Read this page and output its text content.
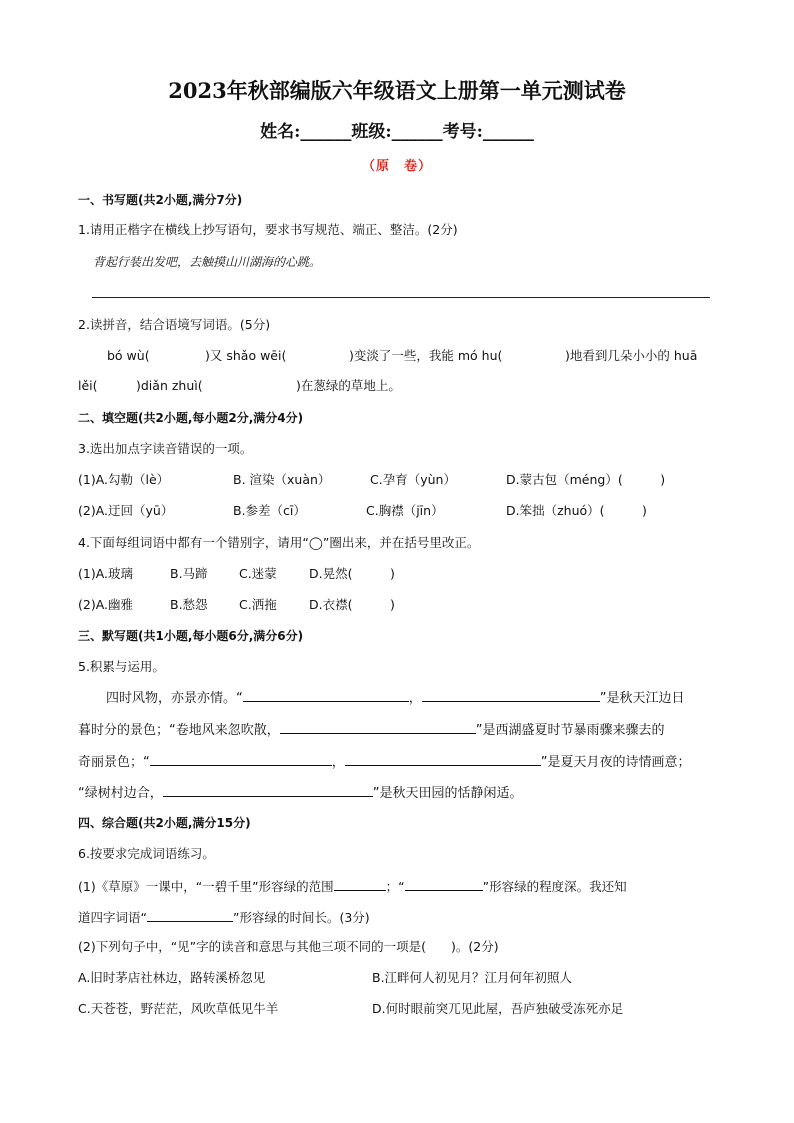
2023年秋部编版六年级语文上册第一单元测试卷
姓名:______班级:______考号:______
（原　卷）
一、书写题(共2小题,满分7分)
1.请用正楷字在横线上抄写语句，要求书写规范、端正、整洁。(2分)
背起行装出发吧，去触摸山川湖海的心跳。
2.读拼音，结合语境写词语。(5分)
bó wù(	)又 shǎo wēi(	)变淡了一些，我能 mó hu(	)地看到几朵小小的 huā
lěi(	)diǎn zhuì(	)在葱绿的草地上。
二、填空题(共2小题,每小题2分,满分4分)
3.选出加点字读音错误的一项。
(1)A.勾勒（lè）	B. 渲染（xuàn）	C.孕育（yùn）	D.蒙古包（méng）(　　　)
(2)A.迂回（yū）	B.参差（cī）	C.胸襟（jīn）	D.笨拙（zhuó）(　　　)
4.下面每组词语中都有一个错别字，请用“◯”圈出来，并在括号里改正。
(1)A.玻璃	B.马蹄	C.迷蒙	D.晃然(　　　)
(2)A.幽雅	B.愁怨	C.洒拖	D.衣襟(　　　)
三、默写题(共1小题,每小题6分,满分6分)
5.积累与运用。
四时风物，亦景亦情。“	，	”是秋天江边日
暮时分的景色；“卷地风来忽吹散，	”是西湖盛夏时节暴雨骤来骤去的
奇丽景色；“	，	”是夏天月夜的诗情画意；
“绿树村边合，	”是秋天田园的恬静闲适。
四、综合题(共2小题,满分15分)
6.按要求完成词语练习。
(1)《草原》一课中，“一碧千里”形容绿的范围	；“	”形容绿的程度深。我还知
道四字词语“	”形容绿的时间长。(3分)
(2)下列句子中，“见”字的读音和意思与其他三项不同的一项是(　　)。(2分)
A.旧时茅店社林边，路转溪桥忽见	B.江畔何人初见月？江月何年初照人
C.天苍苍，野茫茫，风吹草低见牛羊	D.何时眼前突兀见此屋，吾庐独破受冻死亦足
